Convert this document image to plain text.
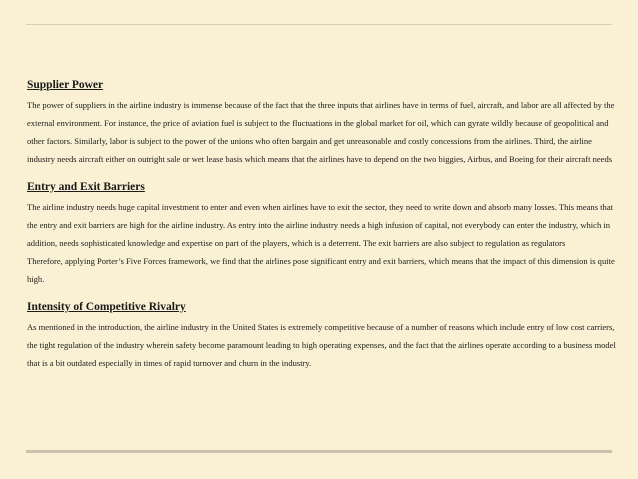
Supplier Power

The power of suppliers in the airline industry is immense because of the fact that the three inputs that airlines have in terms of fuel, aircraft, and labor are all affected by the external environment. For instance, the price of aviation fuel is subject to the fluctuations in the global market for oil, which can gyrate wildly because of geopolitical and other factors. Similarly, labor is subject to the power of the unions who often bargain and get unreasonable and costly concessions from the airlines. Third, the airline industry needs aircraft either on outright sale or wet lease basis which means that the airlines have to depend on the two biggies, Airbus, and Boeing for their aircraft needs

Entry and Exit Barriers

The airline industry needs huge capital investment to enter and even when airlines have to exit the sector, they need to write down and absorb many losses. This means that the entry and exit barriers are high for the airline industry. As entry into the airline industry needs a high infusion of capital, not everybody can enter the industry, which in addition, needs sophisticated knowledge and expertise on part of the players, which is a deterrent. The exit barriers are also subject to regulation as regulators

Therefore, applying Porter’s Five Forces framework, we find that the airlines pose significant entry and exit barriers, which means that the impact of this dimension is quite high.

Intensity of Competitive Rivalry

As mentioned in the introduction, the airline industry in the United States is extremely competitive because of a number of reasons which include entry of low cost carriers, the tight regulation of the industry wherein safety become paramount leading to high operating expenses, and the fact that the airlines operate according to a business model that is a bit outdated especially in times of rapid turnover and churn in the industry.
